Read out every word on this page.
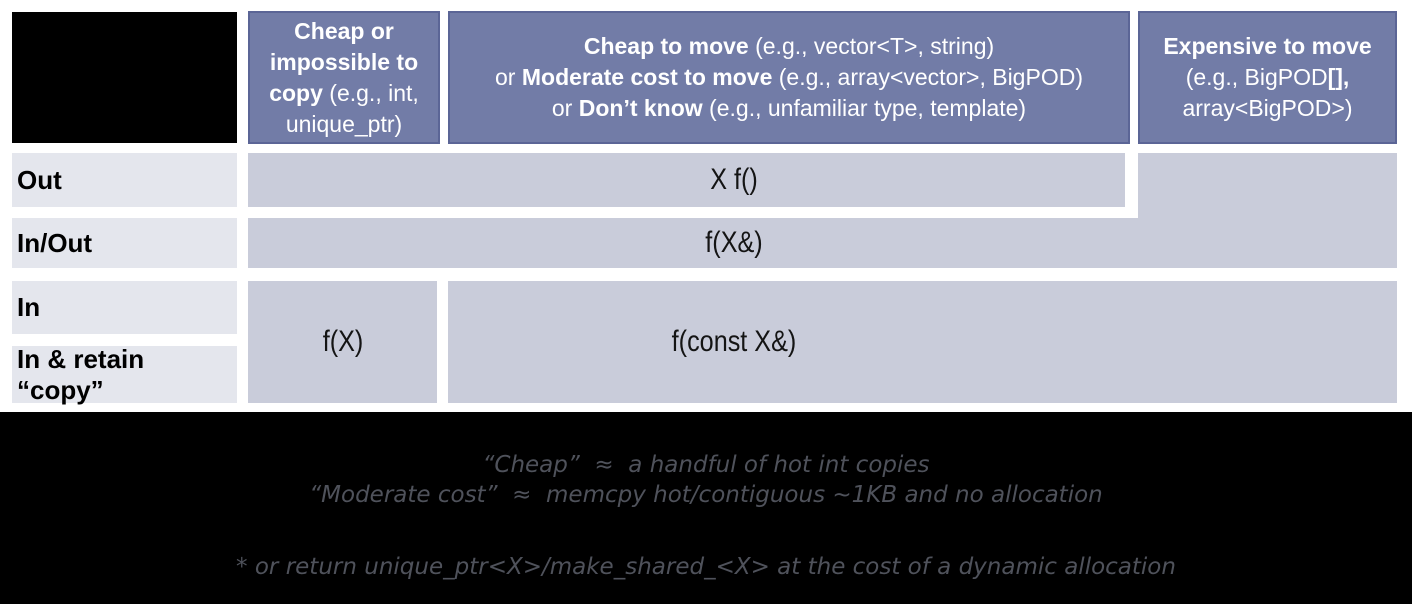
Cheap or
impossible to
copy (e.g., int,
unique_ptr)
Cheap to move (e.g., vector<T>, string)
or Moderate cost to move (e.g., array<vector>, BigPOD)
or Don’t know (e.g., unfamiliar type, template)
Expensive to move
(e.g., BigPOD[],
array<BigPOD>)
Out
In/Out
In
In & retain “copy”
X f()
f(X&)
f(X)	f(const X&)

“Cheap”  ≈  a handful of hot int copies

“Moderate cost”  ≈  memcpy hot/contiguous ~1KB and no allocation

* or return unique_ptr<X>/make_shared_<X> at the cost of a dynamic allocation
